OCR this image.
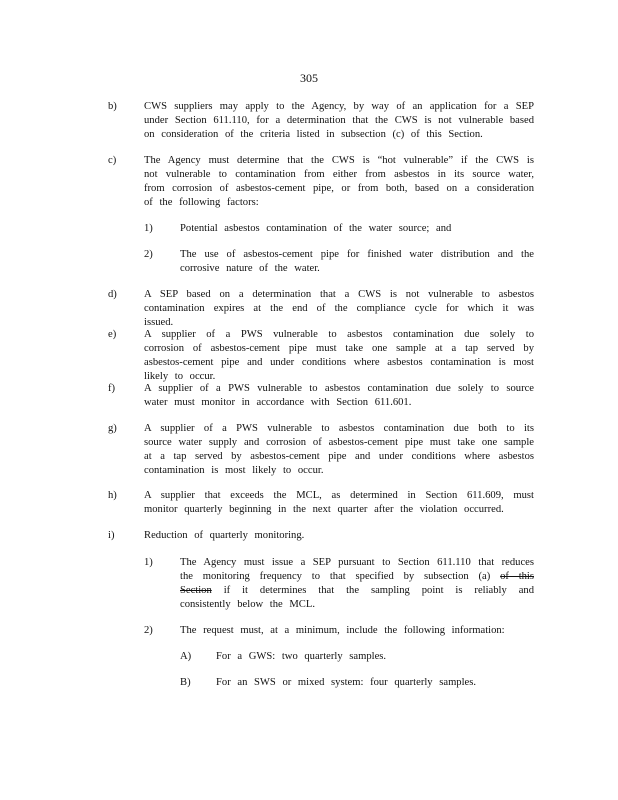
305
b)	CWS suppliers may apply to the Agency, by way of an application for a SEP under Section 611.110, for a determination that the CWS is not vulnerable based on consideration of the criteria listed in subsection (c) of this Section.
c)	The Agency must determine that the CWS is “hot vulnerable” if the CWS is not vulnerable to contamination from either from asbestos in its source water, from corrosion of asbestos-cement pipe, or from both, based on a consideration of the following factors:
1)	Potential asbestos contamination of the water source; and
2)	The use of asbestos-cement pipe for finished water distribution and the corrosive nature of the water.
d)	A SEP based on a determination that a CWS is not vulnerable to asbestos contamination expires at the end of the compliance cycle for which it was issued.
e)	A supplier of a PWS vulnerable to asbestos contamination due solely to corrosion of asbestos-cement pipe must take one sample at a tap served by asbestos-cement pipe and under conditions where asbestos contamination is most likely to occur.
f)	A supplier of a PWS vulnerable to asbestos contamination due solely to source water must monitor in accordance with Section 611.601.
g)	A supplier of a PWS vulnerable to asbestos contamination due both to its source water supply and corrosion of asbestos-cement pipe must take one sample at a tap served by asbestos-cement pipe and under conditions where asbestos contamination is most likely to occur.
h)	A supplier that exceeds the MCL, as determined in Section 611.609, must monitor quarterly beginning in the next quarter after the violation occurred.
i)	Reduction of quarterly monitoring.
1)	The Agency must issue a SEP pursuant to Section 611.110 that reduces the monitoring frequency to that specified by subsection (a) of this Section if it determines that the sampling point is reliably and consistently below the MCL.
2)	The request must, at a minimum, include the following information:
A) For a GWS: two quarterly samples.
B) For an SWS or mixed system: four quarterly samples.
